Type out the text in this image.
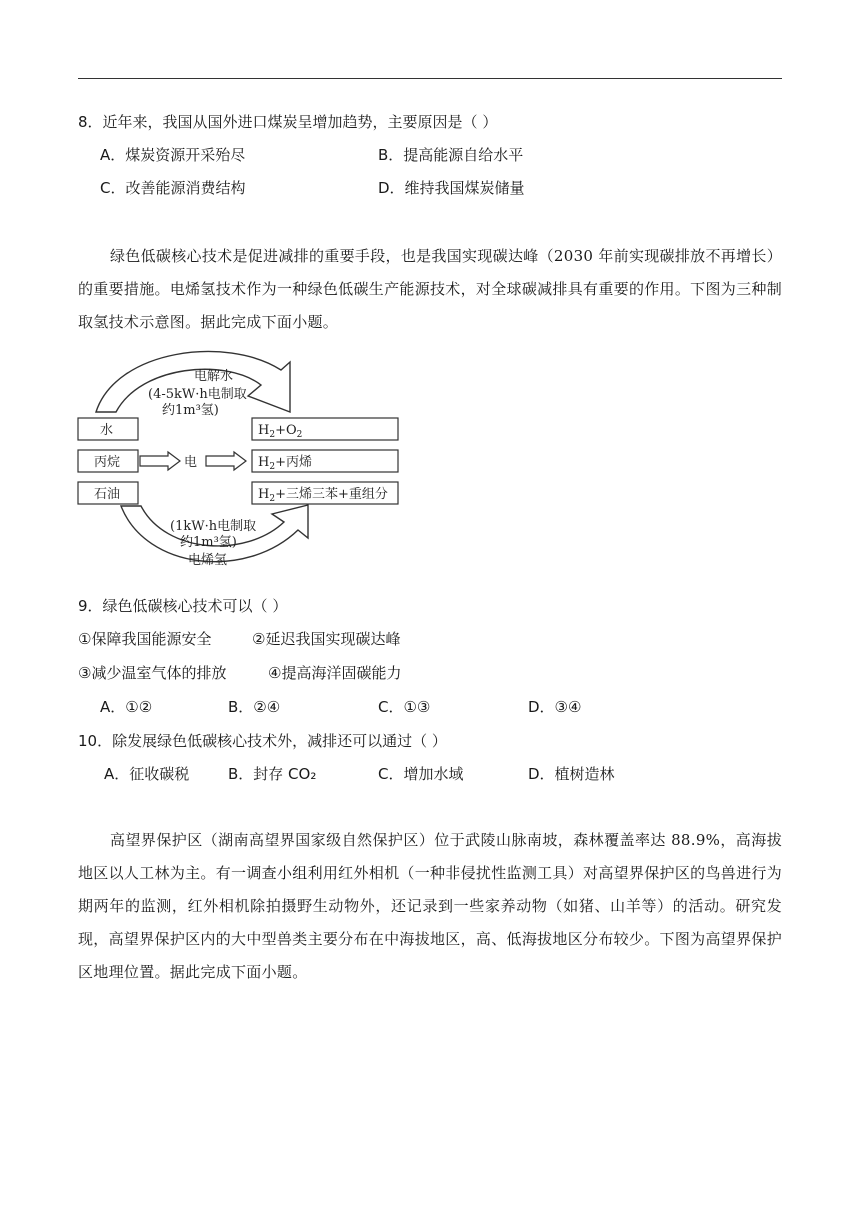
8．近年来，我国从国外进口煤炭呈增加趋势，主要原因是（ ）
A．煤炭资源开采殆尽	B．提高能源自给水平
C．改善能源消费结构	D．维持我国煤炭储量
绿色低碳核心技术是促进减排的重要手段，也是我国实现碳达峰（2030 年前实现碳排放不再增长）的重要措施。电烯氢技术作为一种绿色低碳生产能源技术，对全球碳减排具有重要的作用。下图为三种制取氢技术示意图。据此完成下面小题。
电解水
(4-5kW·h电制取
约1m³氢)
水
丙烷
石油
电
$H_2+O_2$
$H_2+$丙烯
$H_2+$三烯三苯+重组分
(1kW·h电制取
约1m³氢)
电烯氢
9．绿色低碳核心技术可以（ ）
①保障我国能源安全	②延迟我国实现碳达峰
③减少温室气体的排放	④提高海洋固碳能力
A．①②	B．②④	C．①③	D．③④
10．除发展绿色低碳核心技术外，减排还可以通过（ ）
A．征收碳税	B．封存 CO₂	C．增加水域	D．植树造林
高望界保护区（湖南高望界国家级自然保护区）位于武陵山脉南坡，森林覆盖率达 88.9%，高海拔地区以人工林为主。有一调查小组利用红外相机（一种非侵扰性监测工具）对高望界保护区的鸟兽进行为期两年的监测，红外相机除拍摄野生动物外，还记录到一些家养动物（如猪、山羊等）的活动。研究发现，高望界保护区内的大中型兽类主要分布在中海拔地区，高、低海拔地区分布较少。下图为高望界保护区地理位置。据此完成下面小题。
